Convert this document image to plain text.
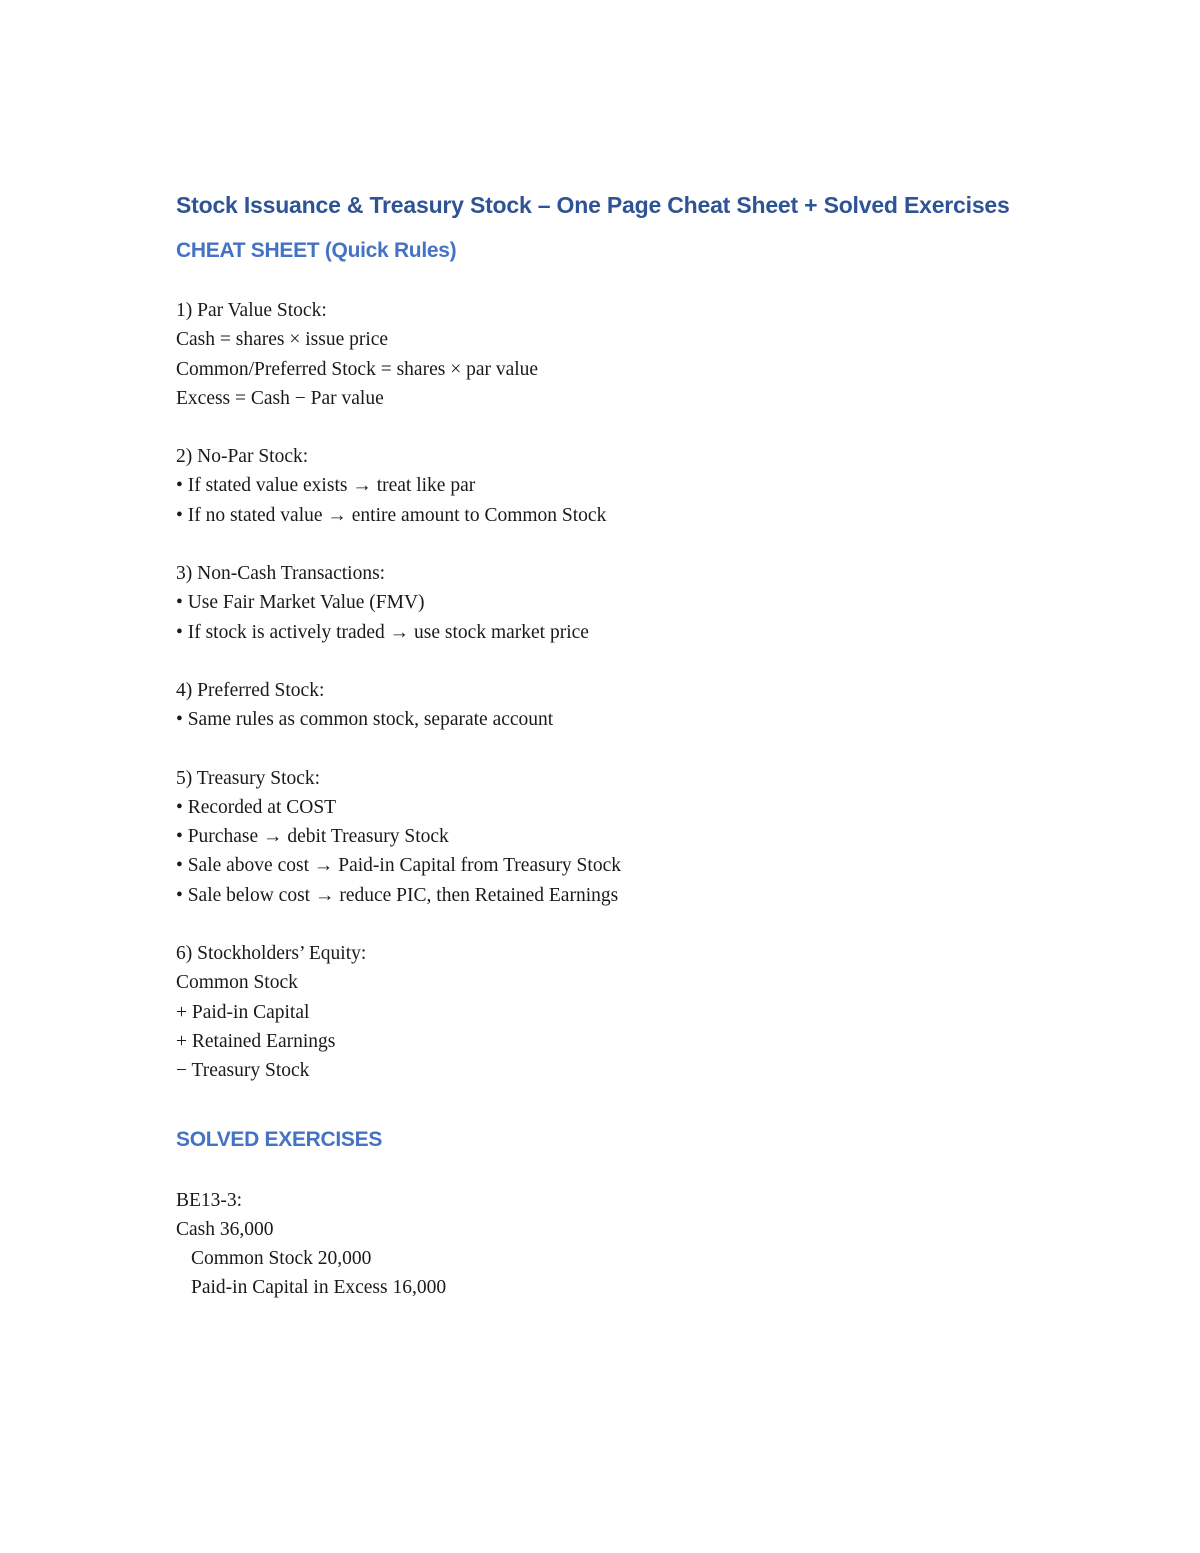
Stock Issuance & Treasury Stock – One Page Cheat Sheet + Solved Exercises
CHEAT SHEET (Quick Rules)
1) Par Value Stock:
Cash = shares × issue price
Common/Preferred Stock = shares × par value
Excess = Cash − Par value
2) No-Par Stock:
• If stated value exists → treat like par
• If no stated value → entire amount to Common Stock
3) Non-Cash Transactions:
• Use Fair Market Value (FMV)
• If stock is actively traded → use stock market price
4) Preferred Stock:
• Same rules as common stock, separate account
5) Treasury Stock:
• Recorded at COST
• Purchase → debit Treasury Stock
• Sale above cost → Paid-in Capital from Treasury Stock
• Sale below cost → reduce PIC, then Retained Earnings
6) Stockholders’ Equity:
Common Stock
+ Paid-in Capital
+ Retained Earnings
− Treasury Stock
SOLVED EXERCISES
BE13-3:
Cash 36,000
Common Stock 20,000
Paid-in Capital in Excess 16,000
